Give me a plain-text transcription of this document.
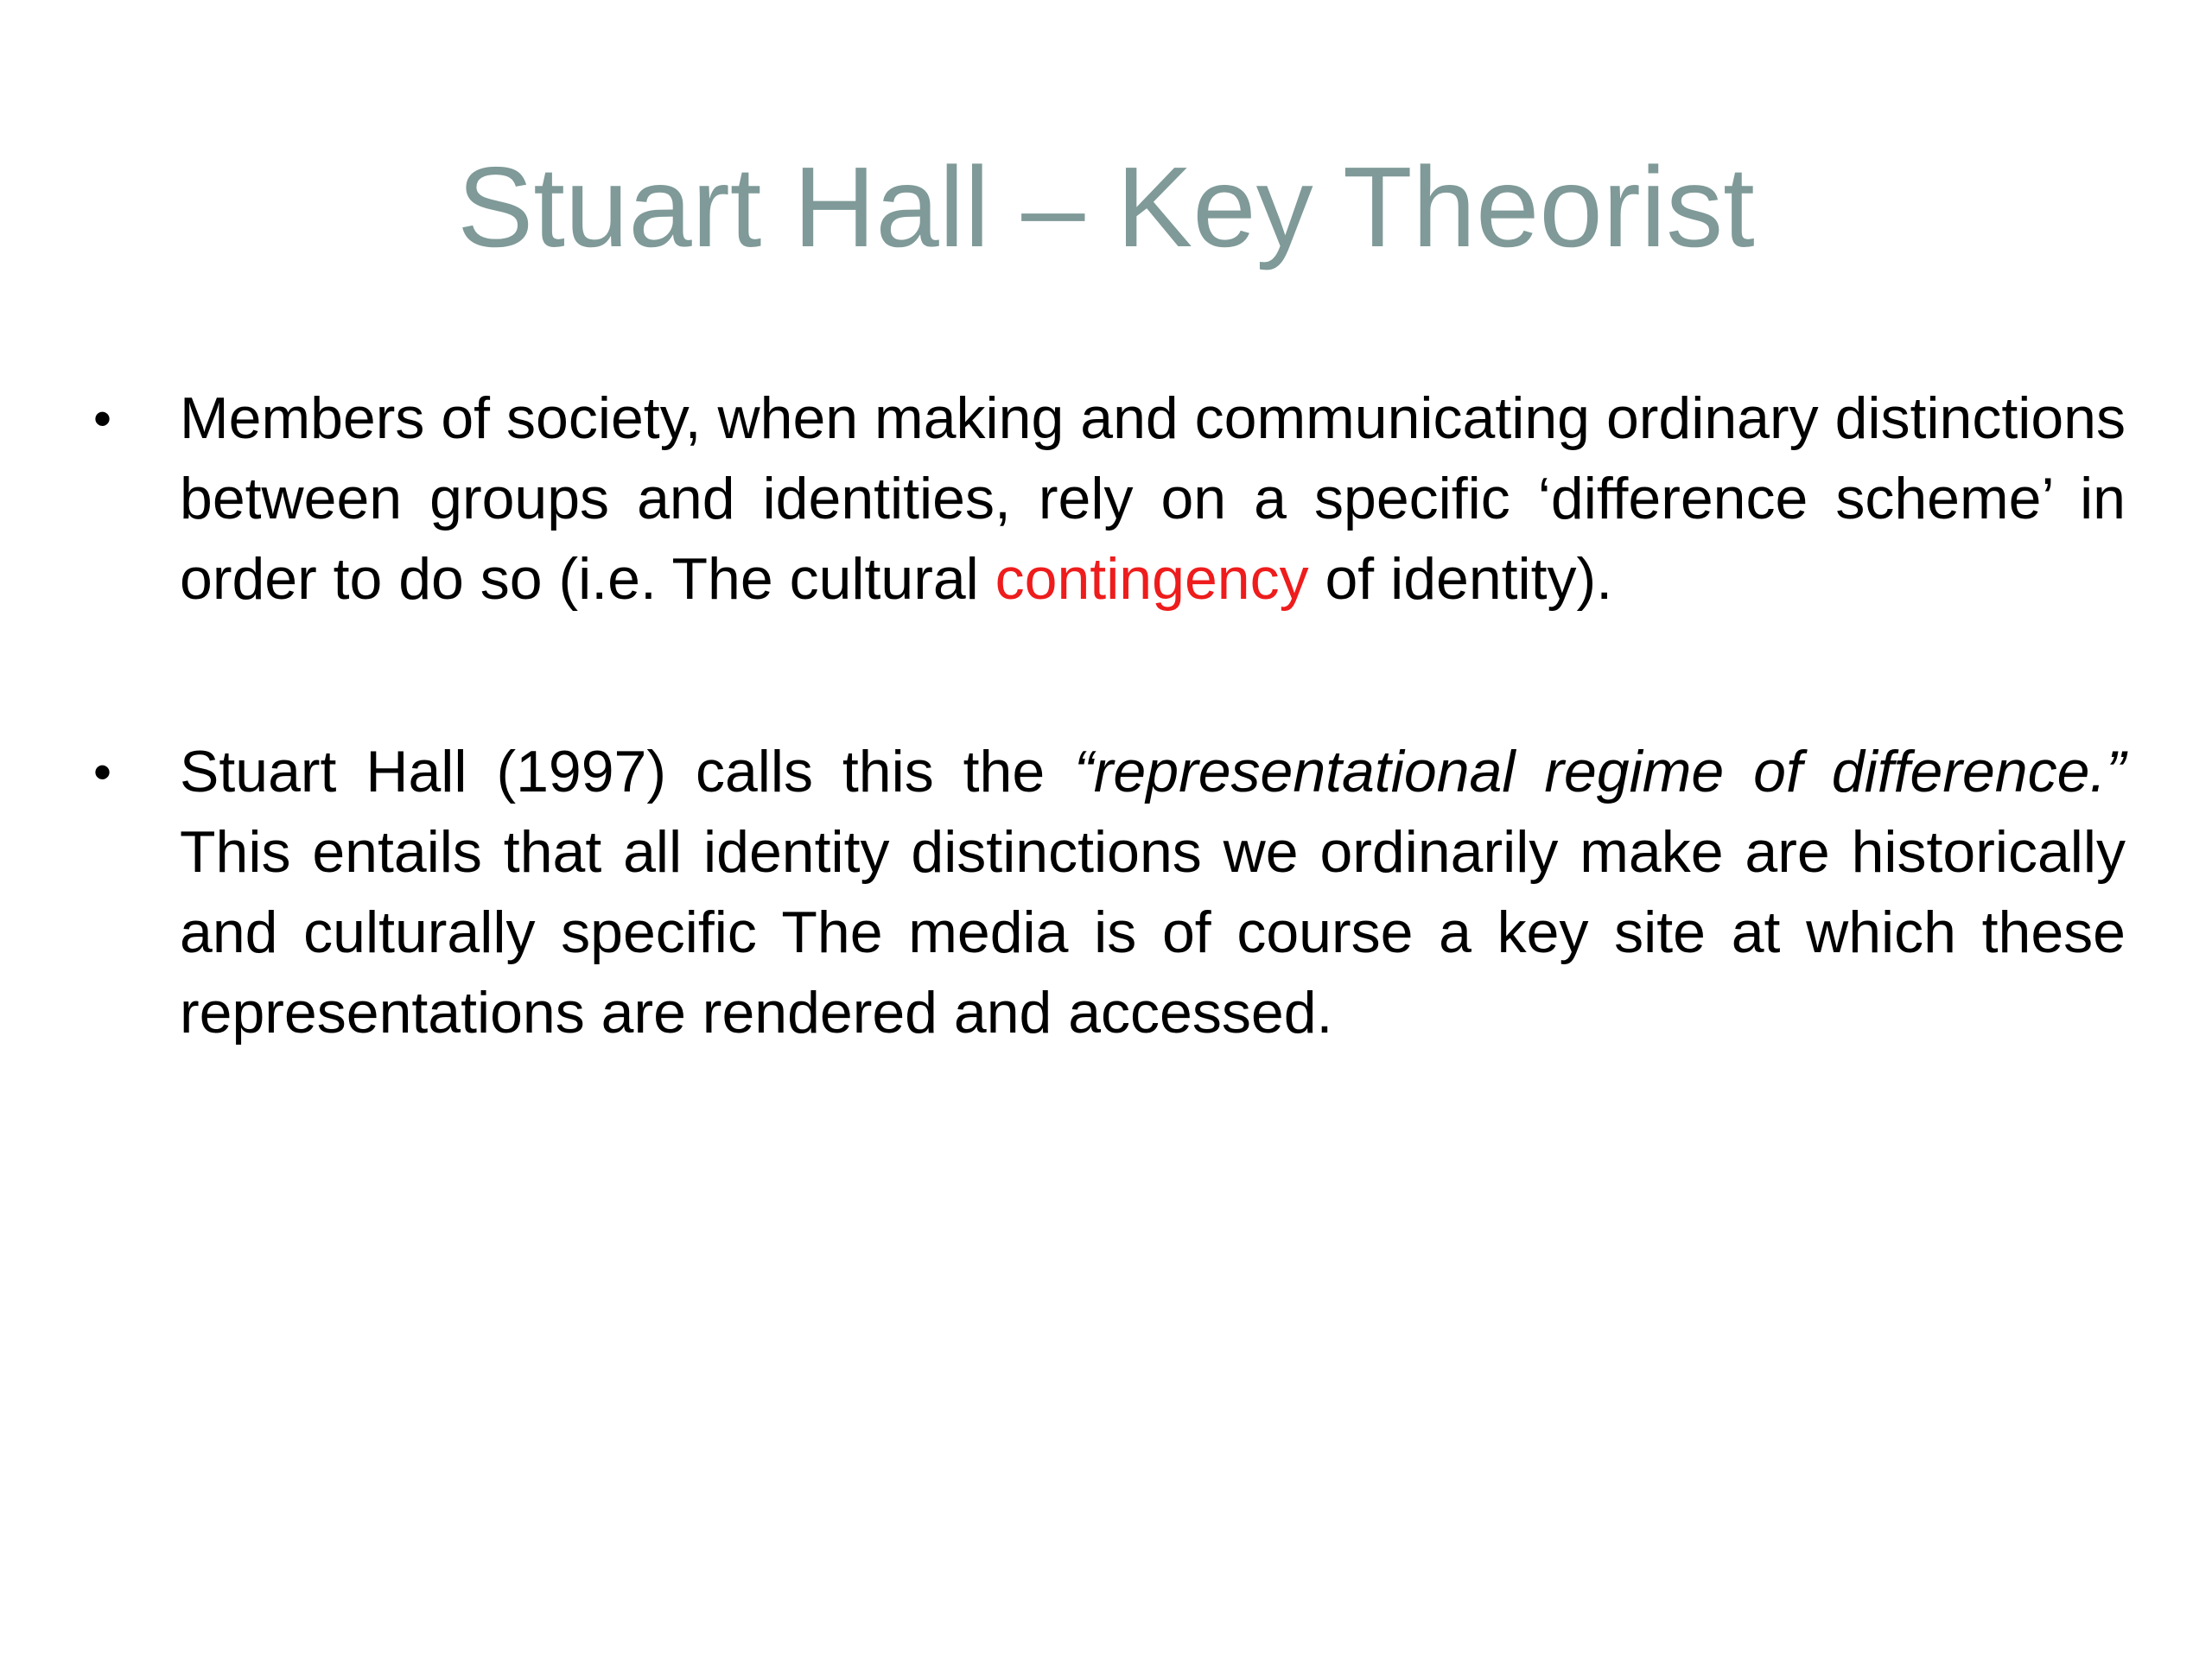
Stuart Hall – Key Theorist
• Members of society, when making and communicating ordinary distinctions between groups and identities, rely on a specific ‘difference scheme’ in order to do so (i.e. The cultural contingency of identity).
• Stuart Hall (1997) calls this the “representational regime of difference.” This entails that all identity distinctions we ordinarily make are historically and culturally specific The media is of course a key site at which these representations are rendered and accessed.
